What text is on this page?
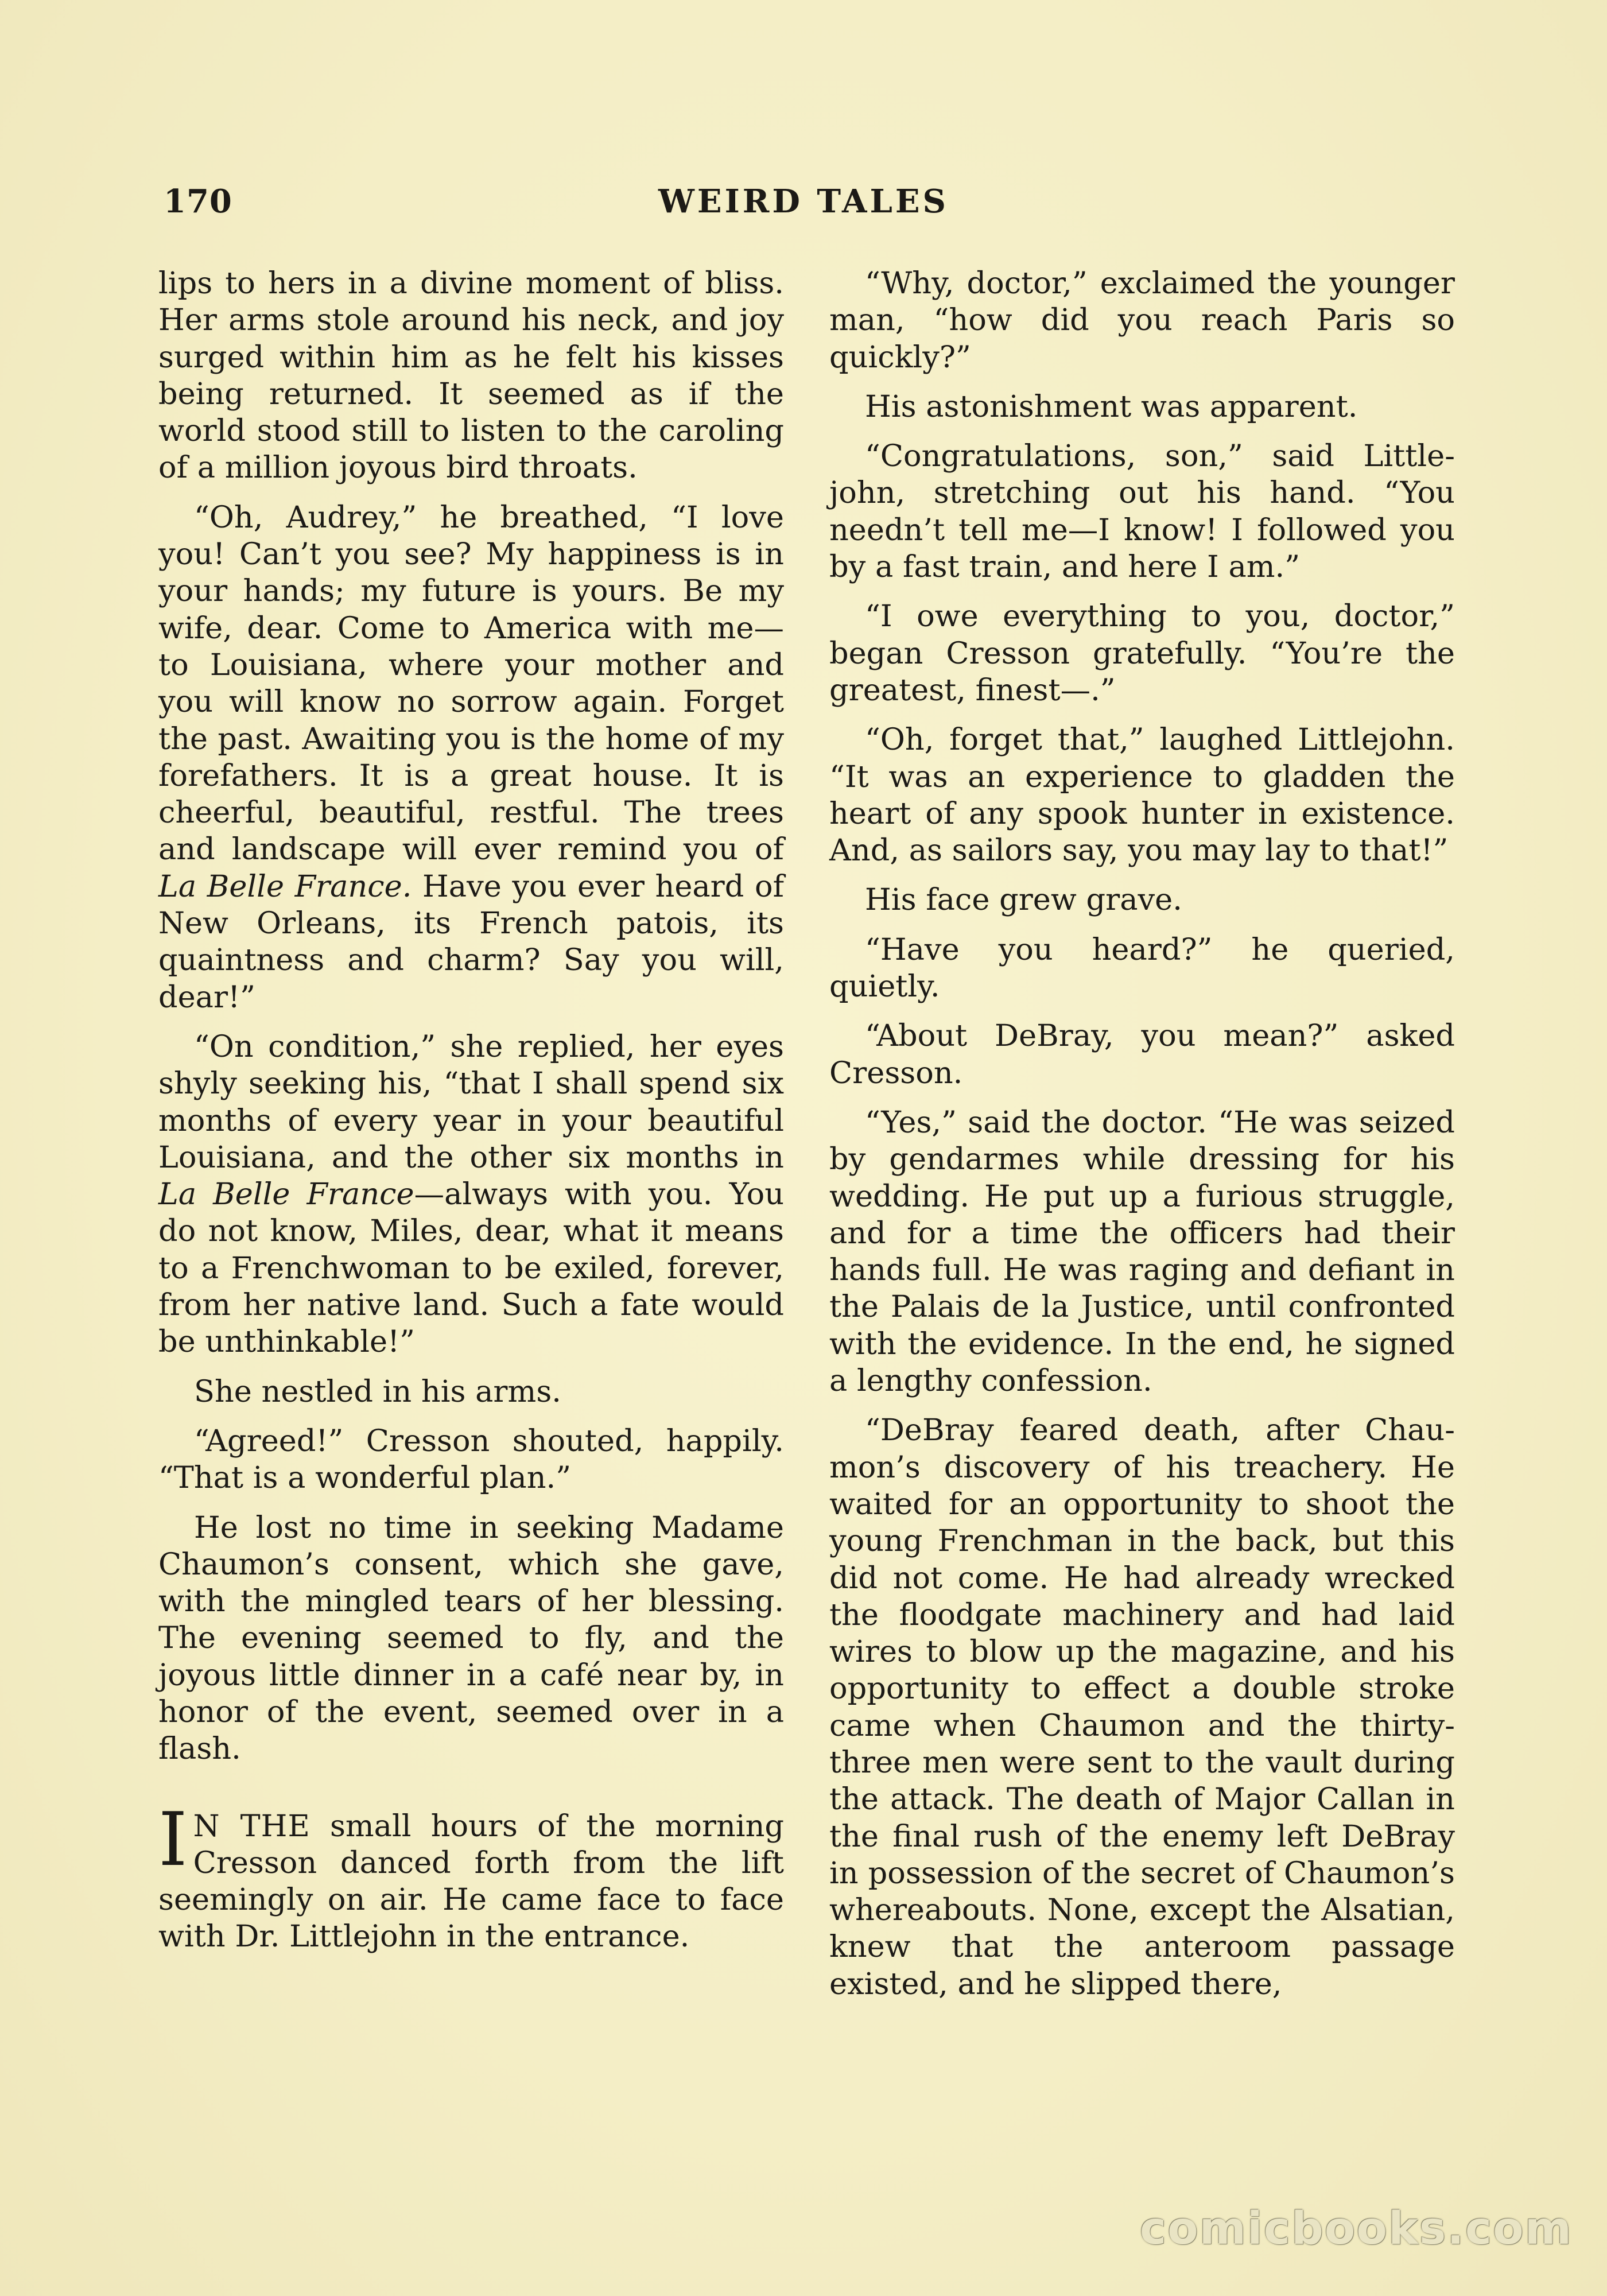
170	WEIRD TALES

lips to hers in a divine moment of bliss. Her arms stole around his neck, and joy surged within him as he felt his kisses being returned. It seemed as if the world stood still to listen to the caroling of a million joyous bird throats.

“Oh, Audrey,” he breathed, “I love you! Can’t you see? My happiness is in your hands; my future is yours. Be my wife, dear. Come to America with me—to Louisiana, where your mother and you will know no sorrow again. Forget the past. Awaiting you is the home of my forefathers. It is a great house. It is cheerful, beautiful, restful. The trees and landscape will ever remind you of La Belle France. Have you ever heard of New Orleans, its French patois, its quaintness and charm? Say you will, dear!”

“On condition,” she replied, her eyes shyly seeking his, “that I shall spend six months of every year in your beautiful Louisiana, and the other six months in La Belle France—always with you. You do not know, Miles, dear, what it means to a Frenchwoman to be exiled, forever, from her native land. Such a fate would be unthinkable!”

She nestled in his arms.

“Agreed!” Cresson shouted, happily. “That is a wonderful plan.”

He lost no time in seeking Madame Chaumon’s consent, which she gave, with the mingled tears of her blessing. The evening seemed to fly, and the joyous little dinner in a café near by, in honor of the event, seemed over in a flash.

I N THE small hours of the morning Cresson danced forth from the lift seemingly on air. He came face to face with Dr. Littlejohn in the entrance.

“Why, doctor,” exclaimed the younger man, “how did you reach Paris so quickly?”

His astonishment was apparent.

“Congratulations, son,” said Littlejohn, stretching out his hand. “You needn’t tell me—I know! I followed you by a fast train, and here I am.”

“I owe everything to you, doctor,” began Cresson gratefully. “You’re the greatest, finest—.”

“Oh, forget that,” laughed Littlejohn. “It was an experience to gladden the heart of any spook hunter in existence. And, as sailors say, you may lay to that!”

His face grew grave.

“Have you heard?” he queried, quietly.

“About DeBray, you mean?” asked Cresson.

“Yes,” said the doctor. “He was seized by gendarmes while dressing for his wedding. He put up a furious struggle, and for a time the officers had their hands full. He was raging and defiant in the Palais de la Justice, until confronted with the evidence. In the end, he signed a lengthy confession.

“DeBray feared death, after Chaumon’s discovery of his treachery. He waited for an opportunity to shoot the young Frenchman in the back, but this did not come. He had already wrecked the floodgate machinery and had laid wires to blow up the magazine, and his opportunity to effect a double stroke came when Chaumon and the thirty-three men were sent to the vault during the attack. The death of Major Callan in the final rush of the enemy left DeBray in possession of the secret of Chaumon’s whereabouts. None, except the Alsatian, knew that the anteroom passage existed, and he slipped there,

comicbooks.com
